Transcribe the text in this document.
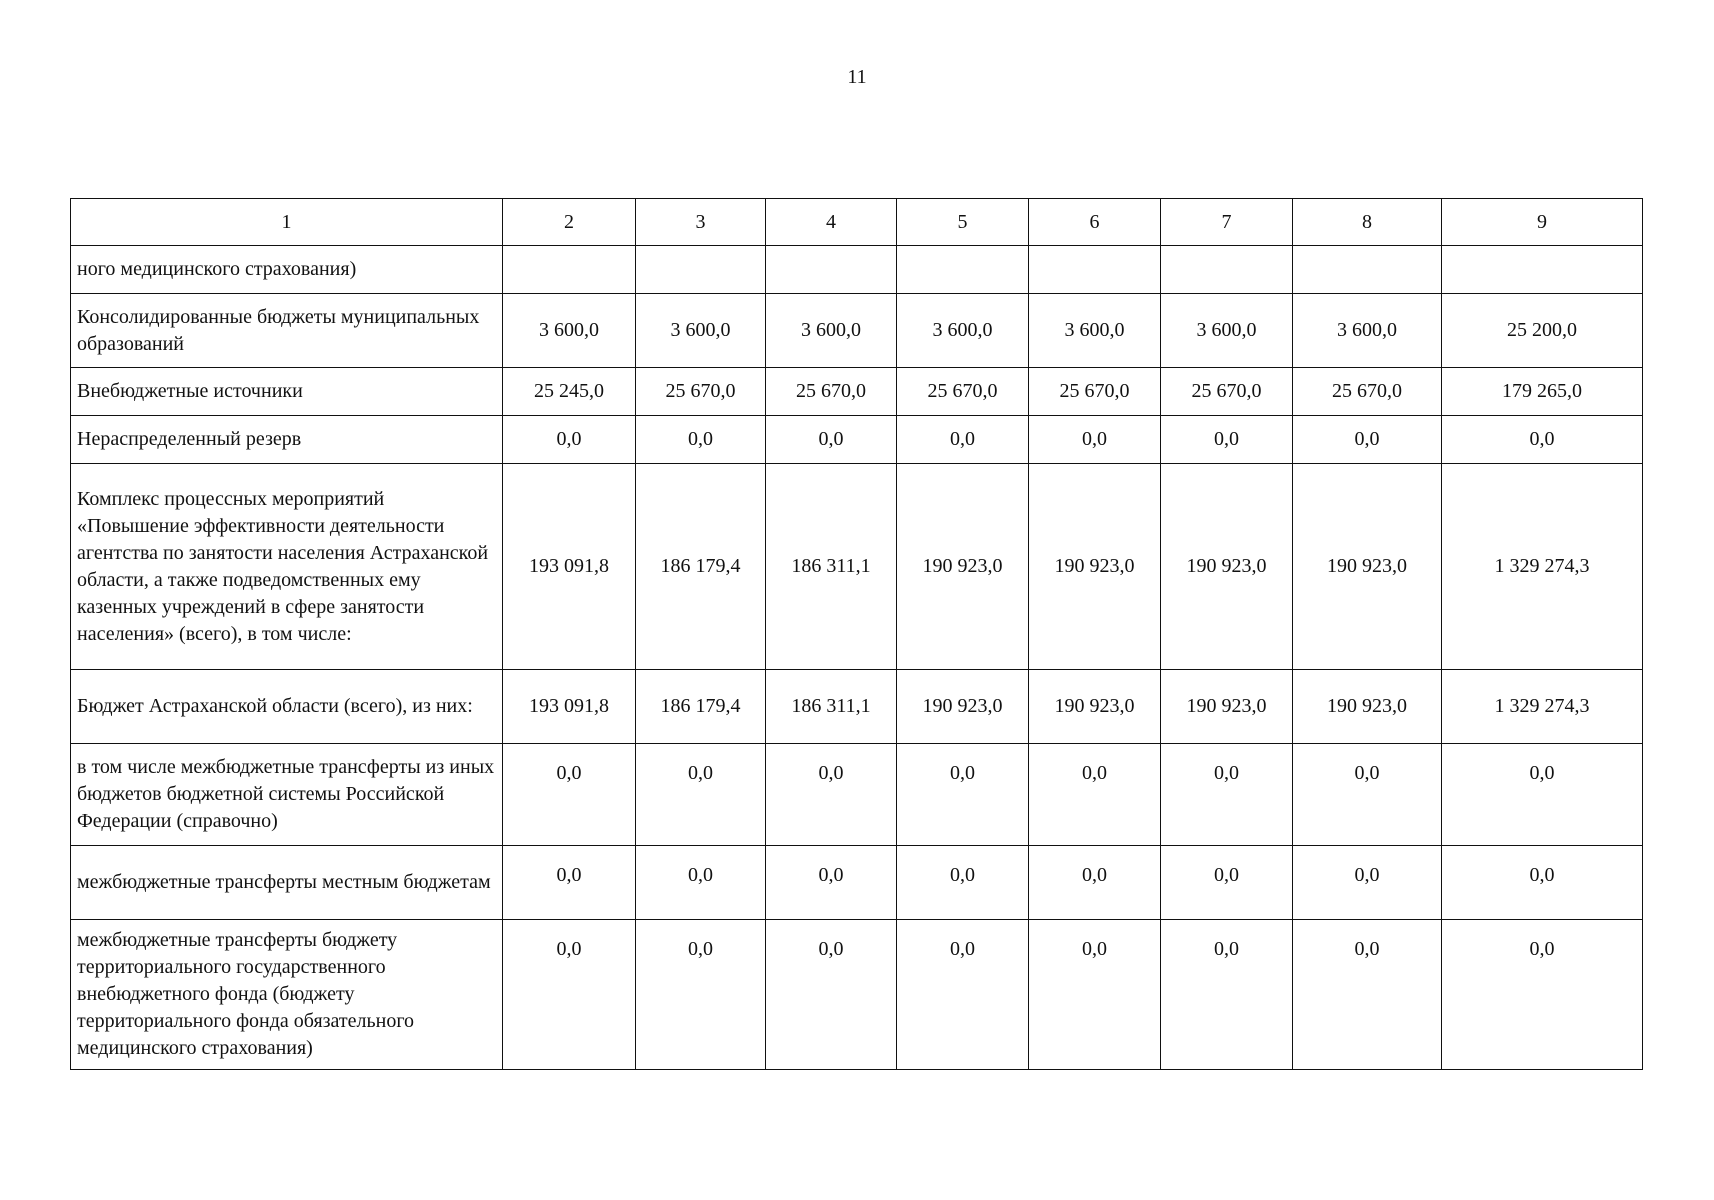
11
1	2	3	4	5	6	7	8	9
ного медицинского страхования)								
Консолидированные бюджеты муниципальных образований	3 600,0	3 600,0	3 600,0	3 600,0	3 600,0	3 600,0	3 600,0	25 200,0
Внебюджетные источники	25 245,0	25 670,0	25 670,0	25 670,0	25 670,0	25 670,0	25 670,0	179 265,0
Нераспределенный резерв	0,0	0,0	0,0	0,0	0,0	0,0	0,0	0,0
Комплекс процессных мероприятий «Повышение эффективности деятельности агентства по занятости населения Астраханской области, а также подведомственных ему казенных учреждений в сфере занятости населения» (всего), в том числе:	193 091,8	186 179,4	186 311,1	190 923,0	190 923,0	190 923,0	190 923,0	1 329 274,3
Бюджет Астраханской области (всего), из них:	193 091,8	186 179,4	186 311,1	190 923,0	190 923,0	190 923,0	190 923,0	1 329 274,3
в том числе межбюджетные трансферты из иных бюджетов бюджетной системы Российской Федерации (справочно)	0,0	0,0	0,0	0,0	0,0	0,0	0,0	0,0
межбюджетные трансферты местным бюджетам	0,0	0,0	0,0	0,0	0,0	0,0	0,0	0,0
межбюджетные трансферты бюджету территориального государственного внебюджетного фонда (бюджету территориального фонда обязательного медицинского страхования)	0,0	0,0	0,0	0,0	0,0	0,0	0,0	0,0
